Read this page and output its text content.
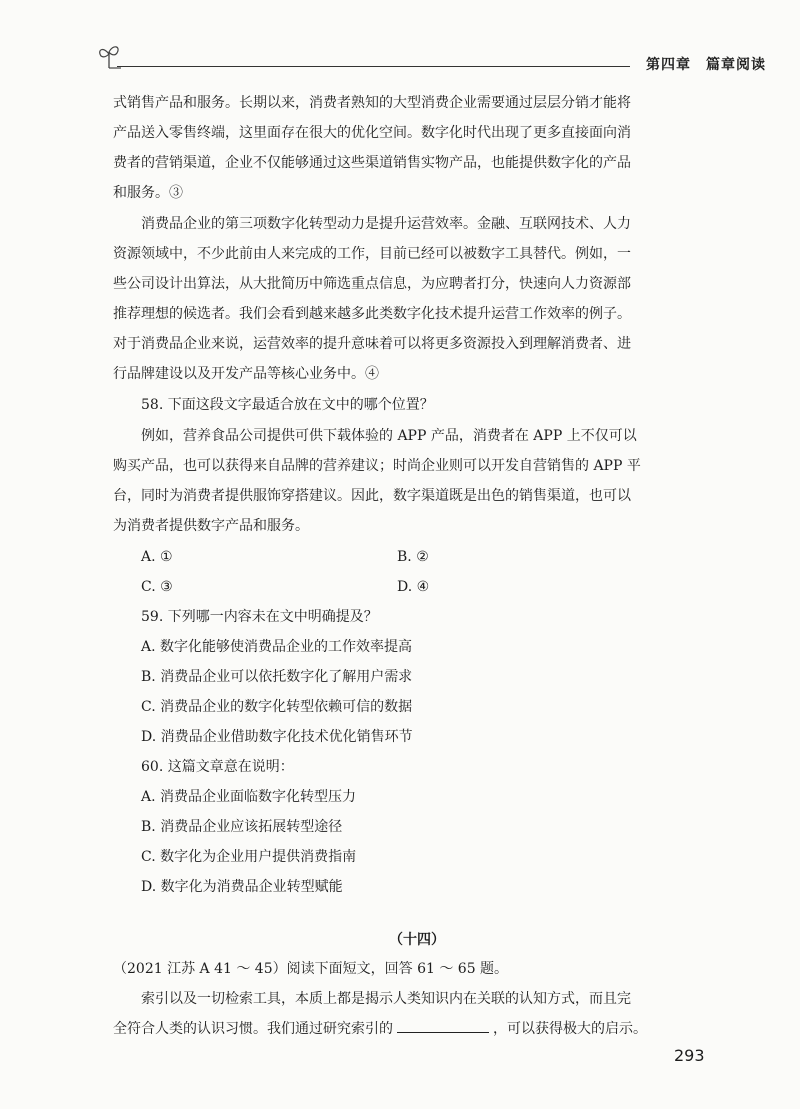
第四章　篇章阅读
式销售产品和服务。长期以来，消费者熟知的大型消费企业需要通过层层分销才能将
产品送入零售终端，这里面存在很大的优化空间。数字化时代出现了更多直接面向消
费者的营销渠道，企业不仅能够通过这些渠道销售实物产品，也能提供数字化的产品
和服务。③
消费品企业的第三项数字化转型动力是提升运营效率。金融、互联网技术、人力
资源领域中，不少此前由人来完成的工作，目前已经可以被数字工具替代。例如，一
些公司设计出算法，从大批简历中筛选重点信息，为应聘者打分，快速向人力资源部
推荐理想的候选者。我们会看到越来越多此类数字化技术提升运营工作效率的例子。
对于消费品企业来说，运营效率的提升意味着可以将更多资源投入到理解消费者、进
行品牌建设以及开发产品等核心业务中。④
58. 下面这段文字最适合放在文中的哪个位置？
例如，营养食品公司提供可供下载体验的 APP 产品，消费者在 APP 上不仅可以
购买产品，也可以获得来自品牌的营养建议；时尚企业则可以开发自营销售的 APP 平
台，同时为消费者提供服饰穿搭建议。因此，数字渠道既是出色的销售渠道，也可以
为消费者提供数字产品和服务。
A. ①	B. ②
C. ③	D. ④
59. 下列哪一内容未在文中明确提及？
A. 数字化能够使消费品企业的工作效率提高
B. 消费品企业可以依托数字化了解用户需求
C. 消费品企业的数字化转型依赖可信的数据
D. 消费品企业借助数字化技术优化销售环节
60. 这篇文章意在说明：
A. 消费品企业面临数字化转型压力
B. 消费品企业应该拓展转型途径
C. 数字化为企业用户提供消费指南
D. 数字化为消费品企业转型赋能
（十四）
（2021 江苏 A 41 ～ 45）阅读下面短文，回答 61 ～ 65 题。
索引以及一切检索工具，本质上都是揭示人类知识内在关联的认知方式，而且完
全符合人类的认识习惯。我们通过研究索引的	，可以获得极大的启示。
293
